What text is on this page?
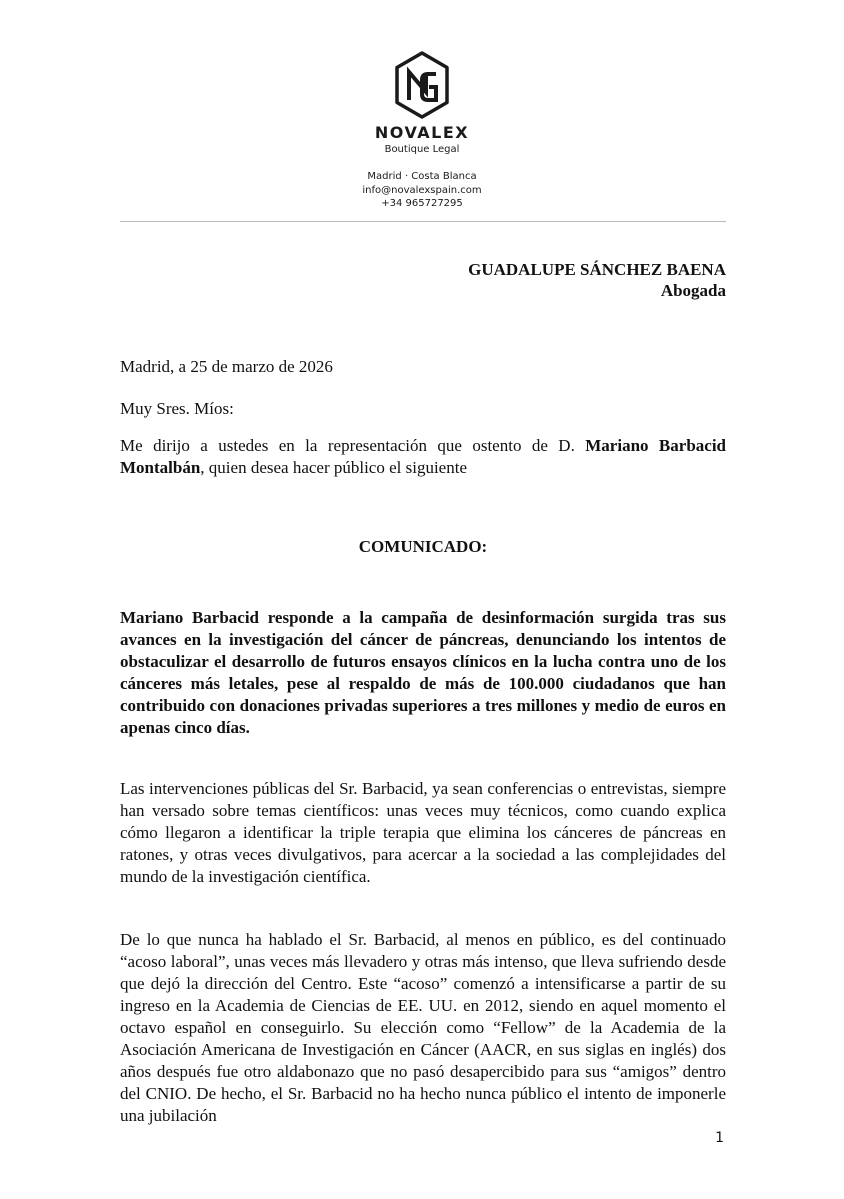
NOVALEX
Boutique Legal
Madrid · Costa Blanca
info@novalexspain.com
+34 965727295
GUADALUPE SÁNCHEZ BAENA
Abogada
Madrid, a 25 de marzo de 2026
Muy Sres. Míos:
Me dirijo a ustedes en la representación que ostento de D. Mariano Barbacid Montalbán, quien desea hacer público el siguiente
COMUNICADO:
Mariano Barbacid responde a la campaña de desinformación surgida tras sus avances en la investigación del cáncer de páncreas, denunciando los intentos de obstaculizar el desarrollo de futuros ensayos clínicos en la lucha contra uno de los cánceres más letales, pese al respaldo de más de 100.000 ciudadanos que han contribuido con donaciones privadas superiores a tres millones y medio de euros en apenas cinco días.
Las intervenciones públicas del Sr. Barbacid, ya sean conferencias o entrevistas, siempre han versado sobre temas científicos: unas veces muy técnicos, como cuando explica cómo llegaron a identificar la triple terapia que elimina los cánceres de páncreas en ratones, y otras veces divulgativos, para acercar a la sociedad a las complejidades del mundo de la investigación científica.
De lo que nunca ha hablado el Sr. Barbacid, al menos en público, es del continuado “acoso laboral”, unas veces más llevadero y otras más intenso, que lleva sufriendo desde que dejó la dirección del Centro. Este “acoso” comenzó a intensificarse a partir de su ingreso en la Academia de Ciencias de EE. UU. en 2012, siendo en aquel momento el octavo español en conseguirlo. Su elección como “Fellow” de la Academia de la Asociación Americana de Investigación en Cáncer (AACR, en sus siglas en inglés) dos años después fue otro aldabonazo que no pasó desapercibido para sus “amigos” dentro del CNIO. De hecho, el Sr. Barbacid no ha hecho nunca público el intento de imponerle una jubilación
1
